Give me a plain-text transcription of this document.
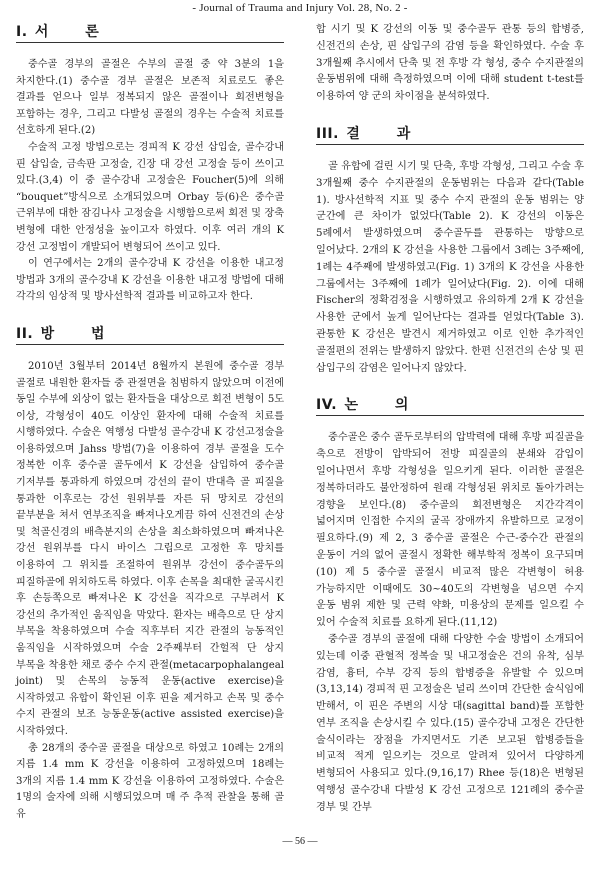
- Journal of Trauma and Injury Vol. 28, No. 2 -
I. 서 론

중수골 경부의 골절은 수부의 골절 중 약 3분의 1을 차지한다.(1) 중수골 경부 골절은 보존적 치료로도 좋은 결과를 얻으나 일부 정복되지 않은 골절이나 회전변형을 포함하는 경우, 그리고 다발성 골절의 경우는 수술적 치료를 선호하게 된다.(2)

수술적 고정 방법으로는 경피적 K 강선 삽입술, 골수강내 핀 삽입술, 금속판 고정술, 긴장 대 강선 고정술 등이 쓰이고 있다.(3,4) 이 중 골수강내 고정술은 Foucher(5)에 의해 “bouquet”방식으로 소개되었으며 Orbay 등(6)은 중수골 근위부에 대한 잠김나사 고정술을 시행함으로써 회전 및 장축 변형에 대한 안정성을 높이고자 하였다. 이후 여러 개의 K 강선 고정법이 개발되어 변형되어 쓰이고 있다.

이 연구에서는 2개의 골수강내 K 강선을 이용한 내고정 방법과 3개의 골수강내 K 강선을 이용한 내고정 방법에 대해 각각의 임상적 및 방사선학적 결과를 비교하고자 한다.

II. 방 법

2010년 3월부터 2014년 8월까지 본원에 중수골 경부 골절로 내원한 환자들 중 관절면을 침범하지 않았으며 이전에 동일 수부에 외상이 없는 환자들을 대상으로 회전 변형이 5도 이상, 각형성이 40도 이상인 환자에 대해 수술적 치료를 시행하였다. 수술은 역행성 다발성 골수강내 K 강선고정술을 이용하였으며 Jahss 방법(7)을 이용하여 경부 골절을 도수 정복한 이후 중수골 골두에서 K 강선을 삽입하여 중수골 기저부를 통과하게 하였으며 강선의 끝이 반대측 골 피질을 통과한 이후로는 강선 원위부를 자른 뒤 망치로 강선의 끝부분을 쳐서 연부조직을 빠져나오게끔 하여 신전건의 손상 및 척골신경의 배측분지의 손상을 최소화하였으며 빠져나온 강선 원위부를 다시 바이스 그립으로 고정한 후 망치를 이용하여 그 위치를 조절하여 원위부 강선이 중수골두의 피질하골에 위치하도록 하였다. 이후 손목을 최대한 굴곡시킨 후 손등쪽으로 빠져나온 K 강선을 직각으로 구부려서 K 강선의 추가적인 움직임을 막았다. 환자는 배측으로 단 상지 부목을 착용하였으며 수술 직후부터 지간 관절의 능동적인 움직임을 시작하였으며 수술 2주째부터 간헐적 단 상지 부목을 착용한 채로 중수 수지 관절(metacarpophalangeal joint) 및 손목의 능동적 운동(active exercise)을 시작하였고 유합이 확인된 이후 핀을 제거하고 손목 및 중수 수지 관절의 보조 능동운동(active assisted exercise)을 시작하였다.

총 28개의 중수골 골절을 대상으로 하였고 10례는 2개의 지름 1.4 mm K 강선을 이용하여 고정하였으며 18례는 3개의 지름 1.4 mm K 강선을 이용하여 고정하였다. 수술은 1명의 술자에 의해 시행되었으며 매 주 추적 관찰을 통해 골 유

합 시기 및 K 강선의 이동 및 중수골두 관통 등의 합병증, 신전건의 손상, 핀 삽입구의 감염 등을 확인하였다. 수술 후 3개월째 추시에서 단축 및 전 후방 각 형성, 중수 수지관절의 운동범위에 대해 측정하였으며 이에 대해 student t-test를 이용하여 양 군의 차이점을 분석하였다.

III. 결 과

골 유합에 걸린 시기 및 단축, 후방 각형성, 그리고 수술 후 3개월째 중수 수지관절의 운동범위는 다음과 같다(Table 1). 방사선학적 지표 및 중수 수지 관절의 운동 범위는 양 군간에 큰 차이가 없었다(Table 2). K 강선의 이동은 5례에서 발생하였으며 중수골두를 관통하는 방향으로 일어났다. 2개의 K 강선을 사용한 그룹에서 3례는 3주째에, 1례는 4주째에 발생하였고(Fig. 1) 3개의 K 강선을 사용한 그룹에서는 3주째에 1례가 일어났다(Fig. 2). 이에 대해 Fischer의 정확검정을 시행하였고 유의하게 2개 K 강선을 사용한 군에서 높게 일어난다는 결과를 얻었다(Table 3). 관통한 K 강선은 발견시 제거하였고 이로 인한 추가적인 골절편의 전위는 발생하지 않았다. 한편 신전건의 손상 및 핀 삽입구의 감염은 일어나지 않았다.

IV. 논 의

중수골은 중수 골두로부터의 압박력에 대해 후방 피질골을 축으로 전방이 압박되어 전방 피질골의 분쇄와 감입이 일어나면서 후방 각형성을 일으키게 된다. 이러한 골절은 정복하더라도 불안정하여 원래 각형성된 위치로 돌아가려는 경향을 보인다.(8) 중수골의 회전변형은 지간각격이 넓어지며 인접한 수지의 굴곡 장애까지 유발하므로 교정이 필요하다.(9) 제 2, 3 중수골 골절은 수근-중수간 관절의 운동이 거의 없어 골절시 정확한 해부학적 정복이 요구되며(10) 제 5 중수골 골절시 비교적 많은 각변형이 허용 가능하지만 이때에도 30~40도의 각변형을 넘으면 수지 운동 범위 제한 및 근력 약화, 미용상의 문제를 일으킬 수 있어 수술적 치료를 요하게 된다.(11,12)

중수골 경부의 골절에 대해 다양한 수술 방법이 소개되어 있는데 이중 관혈적 정복술 및 내고정술은 건의 유착, 심부 감염, 흉터, 수부 강직 등의 합병증을 유발할 수 있으며(3,13,14) 경피적 핀 고정술은 널리 쓰이며 간단한 술식임에 반해서, 이 핀은 주변의 시상 대(sagittal band)를 포함한 연부 조직을 손상시킬 수 있다.(15) 골수강내 고정은 간단한 술식이라는 장점을 가지면서도 기존 보고된 합병증들을 비교적 적게 일으키는 것으로 알려져 있어서 다양하게 변형되어 사용되고 있다.(9,16,17) Rhee 등(18)은 변형된 역행성 골수강내 다발성 K 강선 고정으로 121례의 중수골 경부 및 간부

— 56 —
